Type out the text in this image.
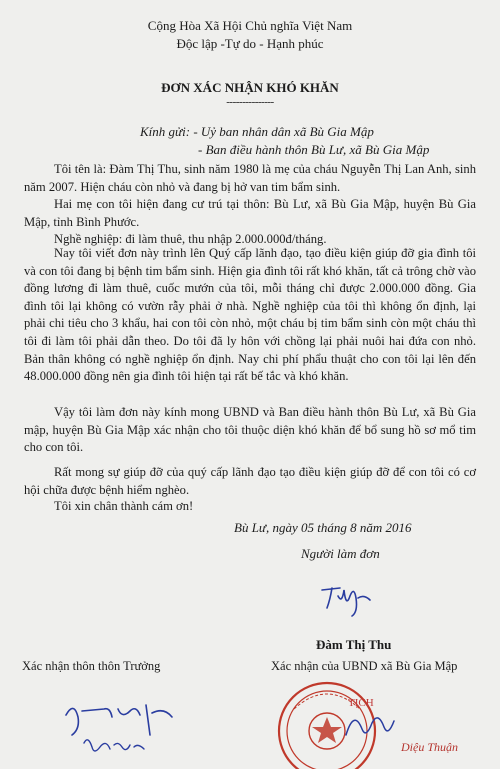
Cộng Hòa Xã Hội Chủ nghĩa Việt Nam
Độc lập -Tự do - Hạnh phúc
ĐƠN XÁC NHẬN KHÓ KHĂN
---------------
Kính gửi: - Uỷ ban nhân dân xã Bù Gia Mập
- Ban điều hành thôn Bù Lư, xã Bù Gia Mập

Tôi tên là: Đàm Thị Thu, sinh năm 1980 là mẹ của cháu Nguyễn Thị Lan Anh, sinh năm 2007. Hiện cháu còn nhỏ và đang bị hở van tim bẩm sinh.

Hai mẹ con tôi hiện đang cư trú tại thôn: Bù Lư, xã Bù Gia Mập, huyện Bù Gia Mập, tỉnh Bình Phước.

Nghề nghiệp: đi làm thuê, thu nhập 2.000.000đ/tháng.

Nay tôi viết đơn này trình lên Quý cấp lãnh đạo, tạo điều kiện giúp đỡ gia đình tôi và con tôi đang bị bệnh tim bẩm sinh. Hiện gia đình tôi rất khó khăn, tất cả trông chờ vào đồng lương đi làm thuê, cuốc mướn của tôi, mỗi tháng chỉ được 2.000.000 đồng. Gia đình tôi lại không có vườn rẫy phải ở nhà. Nghề nghiệp của tôi thì không ổn định, lại phải chi tiêu cho 3 khẩu, hai con tôi còn nhỏ, một cháu bị tim bẩm sinh còn một cháu thì tôi đi làm tôi phải dẫn theo. Do tôi đã ly hôn với chồng lại phải nuôi hai đứa con nhỏ. Bản thân không có nghề nghiệp ổn định. Nay chi phí phẩu thuật cho con tôi lại lên đến 48.000.000 đồng nên gia đình tôi hiện tại rất bế tắc và khó khăn.

Vậy tôi làm đơn này kính mong UBND và Ban điều hành thôn Bù Lư, xã Bù Gia mập, huyện Bù Gia Mập xác nhận cho tôi thuộc diện khó khăn để bổ sung hồ sơ mổ tim cho con tôi.

Rất mong sự giúp đỡ của quý cấp lãnh đạo tạo điều kiện giúp đỡ để con tôi có cơ hội chữa được bệnh hiểm nghèo.

Tôi xin chân thành cám ơn!

Bù Lư, ngày 05 tháng 8 năm 2016
Người làm đơn
Đàm Thị Thu
Xác nhận thôn thôn Trưởng	Xác nhận của UBND xã Bù Gia Mập
TỊCH
Diệu Thuận
